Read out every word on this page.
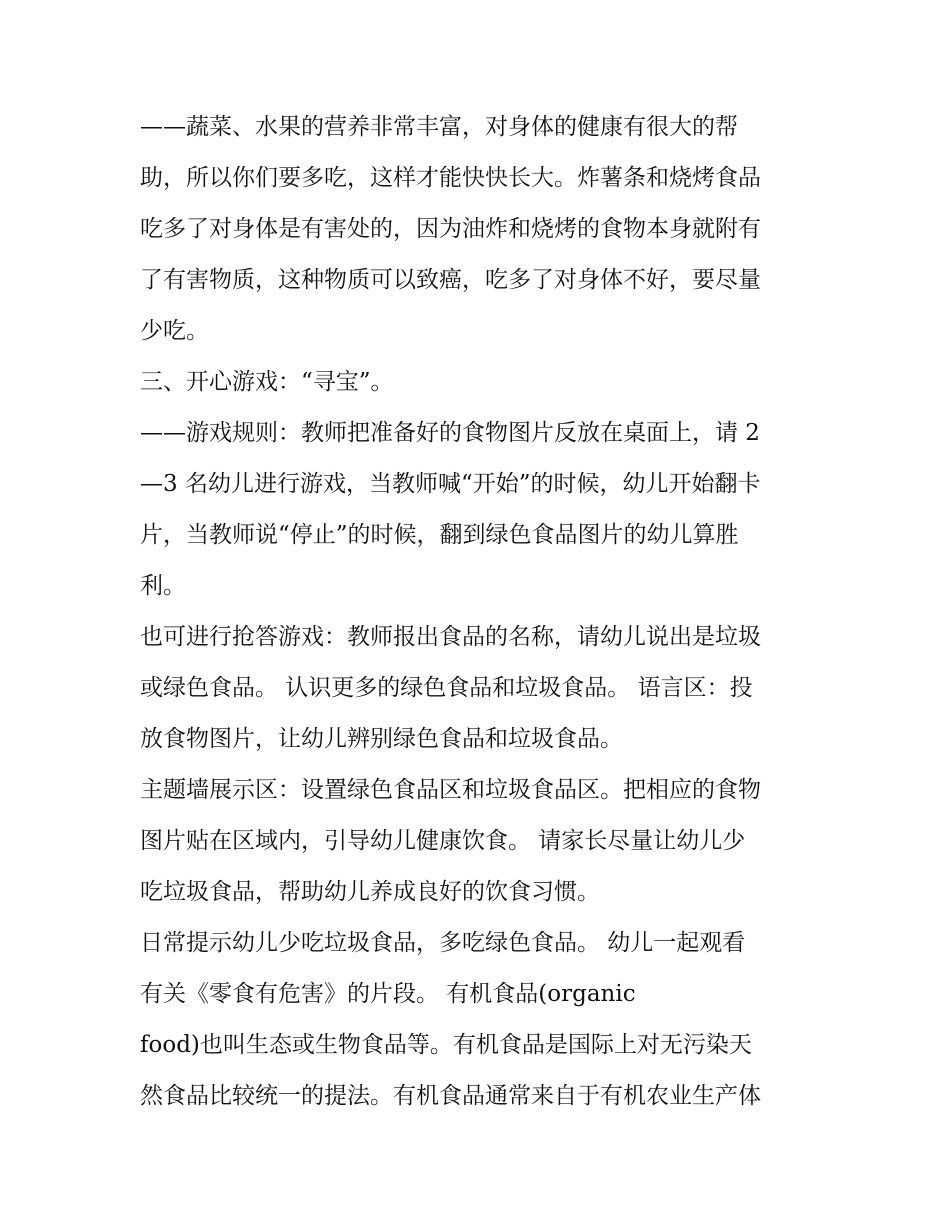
——蔬菜、水果的营养非常丰富，对身体的健康有很大的帮
助，所以你们要多吃，这样才能快快长大。炸薯条和烧烤食品
吃多了对身体是有害处的，因为油炸和烧烤的食物本身就附有
了有害物质，这种物质可以致癌，吃多了对身体不好，要尽量
少吃。
三、开心游戏：“寻宝”。
——游戏规则：教师把准备好的食物图片反放在桌面上，请 2
—3 名幼儿进行游戏，当教师喊“开始”的时候，幼儿开始翻卡
片，当教师说“停止”的时候，翻到绿色食品图片的幼儿算胜
利。
也可进行抢答游戏：教师报出食品的名称，请幼儿说出是垃圾
或绿色食品。 认识更多的绿色食品和垃圾食品。 语言区：投
放食物图片，让幼儿辨别绿色食品和垃圾食品。
主题墙展示区：设置绿色食品区和垃圾食品区。把相应的食物
图片贴在区域内，引导幼儿健康饮食。 请家长尽量让幼儿少
吃垃圾食品，帮助幼儿养成良好的饮食习惯。
日常提示幼儿少吃垃圾食品，多吃绿色食品。 幼儿一起观看
有关《零食有危害》的片段。 有机食品(organic
food)也叫生态或生物食品等。有机食品是国际上对无污染天
然食品比较统一的提法。有机食品通常来自于有机农业生产体
